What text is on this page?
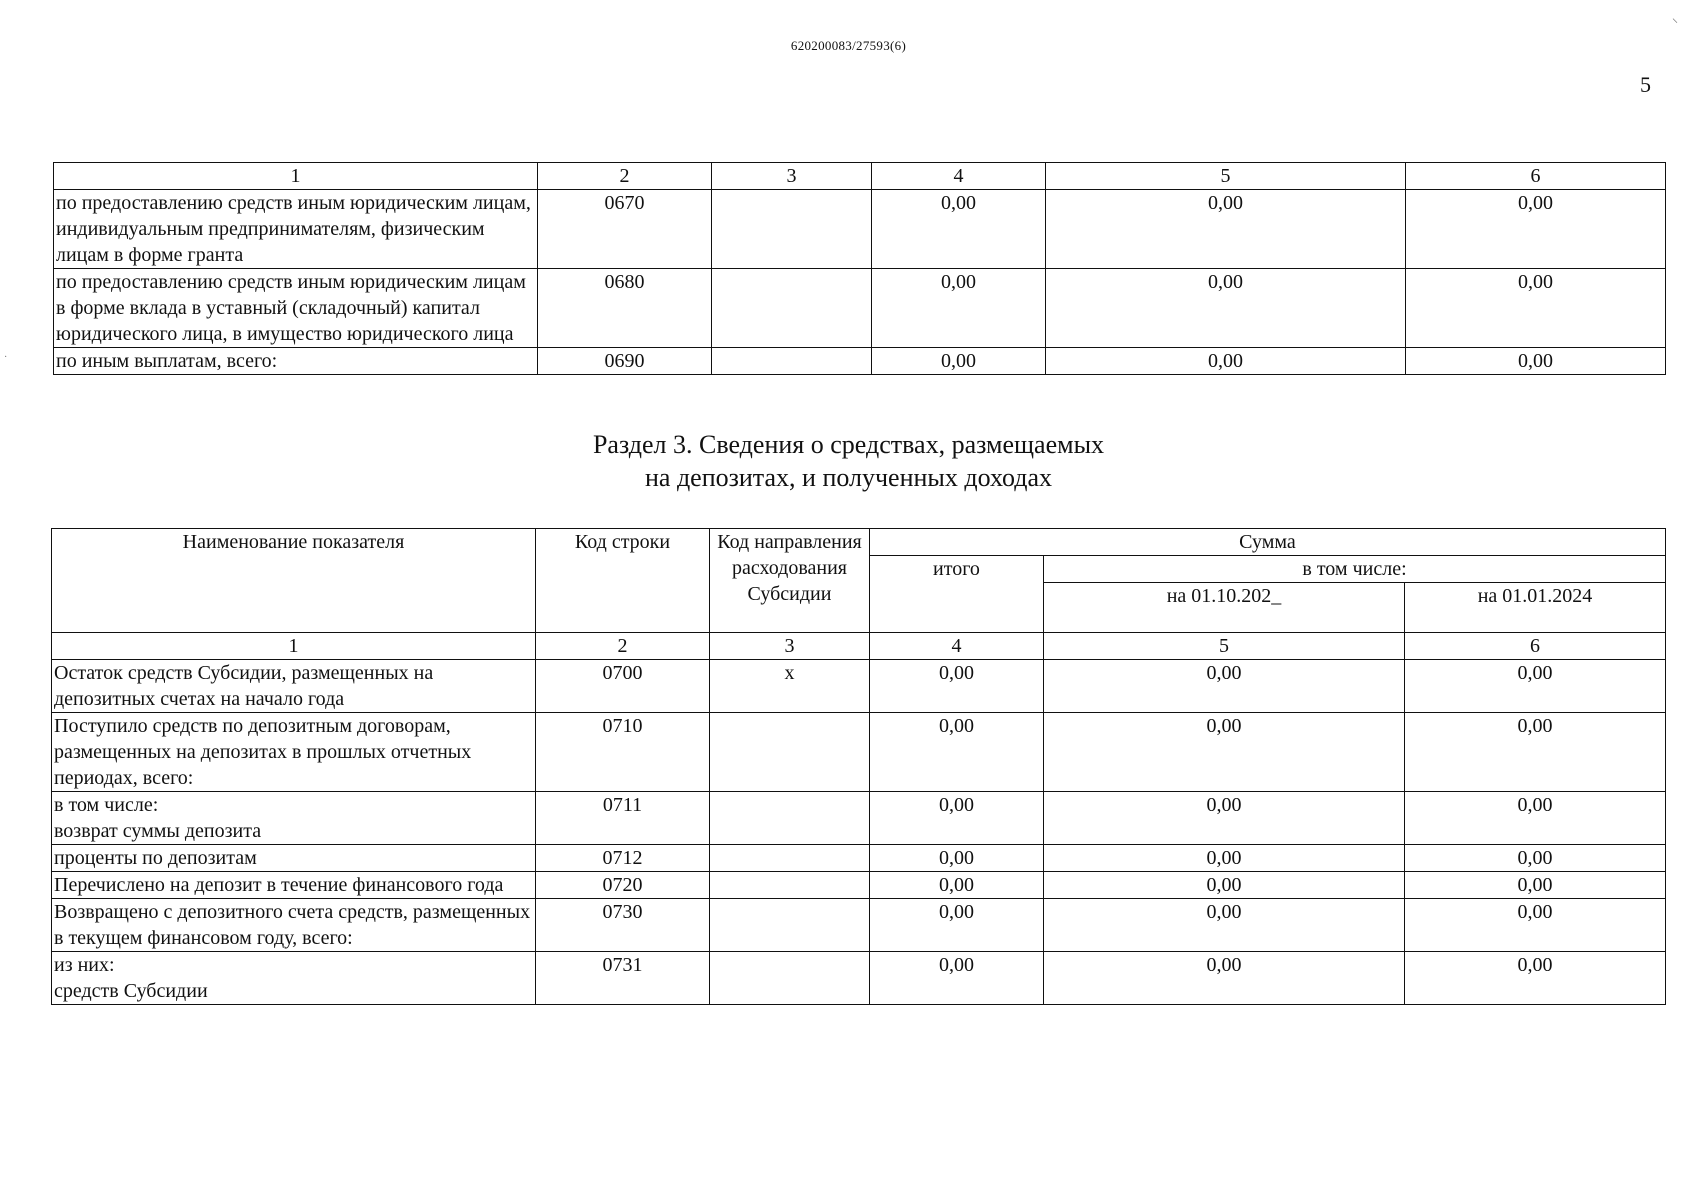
620200083/27593(6)
5
⸌
·
1	2	3	4	5	6
по предоставлению средств иным юридическим лицам, индивидуальным предпринимателям, физическим лицам в форме гранта	0670		0,00	0,00	0,00
по предоставлению средств иным юридическим лицам в форме вклада в уставный (складочный) капитал юридического лица, в имущество юридического лица	0680		0,00	0,00	0,00
по иным выплатам, всего:	0690		0,00	0,00	0,00
Раздел 3. Сведения о средствах, размещаемых
на депозитах, и полученных доходах
Наименование показателя	Код строки	Код направления расходования Субсидии	Сумма		
			итого	в том числе:	
				на 01.10.202_	на 01.01.2024
1	2	3	4	5	6
Остаток средств Субсидии, размещенных на депозитных счетах на начало года	0700	x	0,00	0,00	0,00
Поступило средств по депозитным договорам, размещенных на депозитах в прошлых отчетных периодах, всего:	0710		0,00	0,00	0,00

в том числе:
возврат суммы депозита	0711		0,00	0,00	0,00
проценты по депозитам	0712		0,00	0,00	0,00
Перечислено на депозит в течение финансового года	0720		0,00	0,00	0,00
Возвращено с депозитного счета средств, размещенных в текущем финансовом году, всего:	0730		0,00	0,00	0,00

из них:
средств Субсидии	0731		0,00	0,00	0,00
